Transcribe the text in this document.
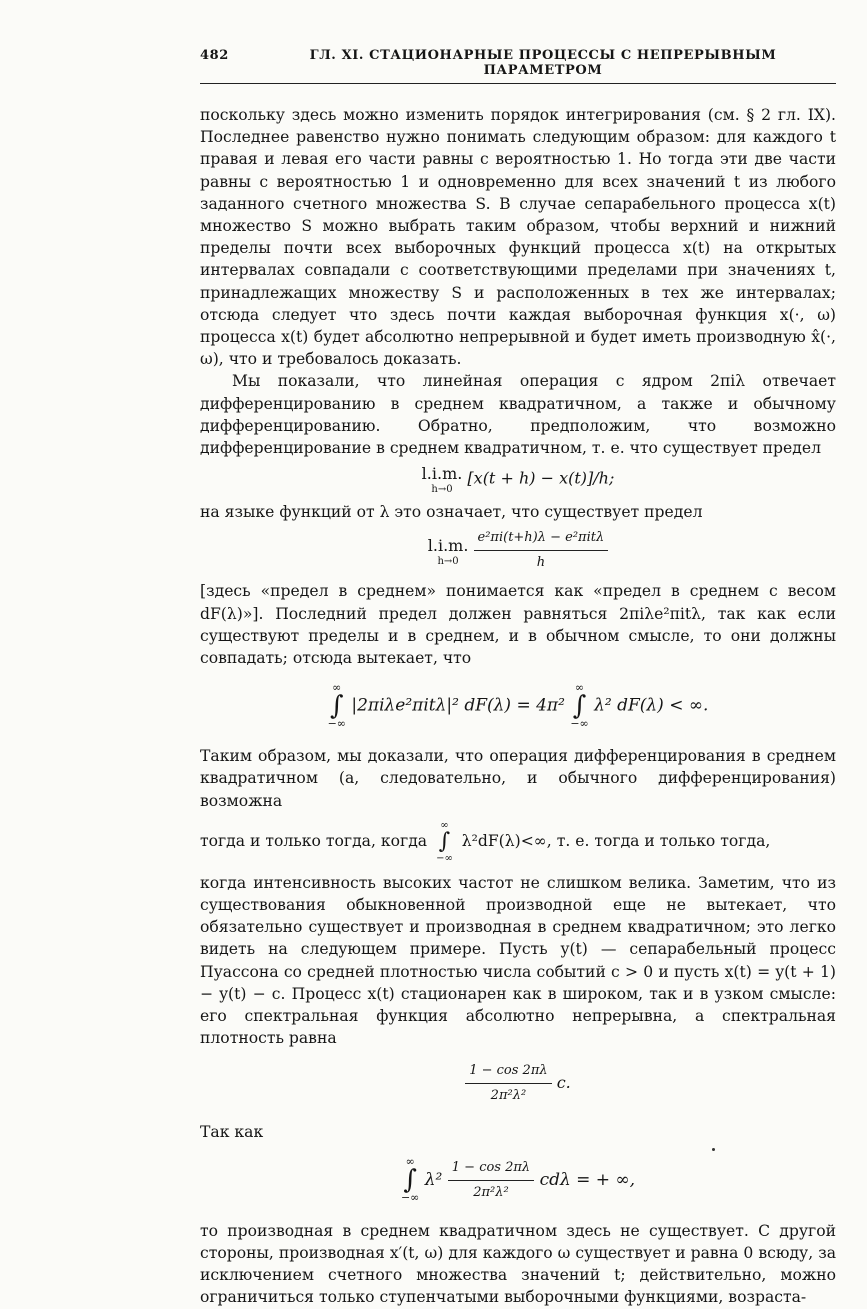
482	ГЛ. XI. СТАЦИОНАРНЫЕ ПРОЦЕССЫ С НЕПРЕРЫВНЫМ ПАРАМЕТРОМ

поскольку здесь можно изменить порядок интегрирования (см. § 2 гл. IX). Последнее равенство нужно понимать следующим образом: для каждого t правая и левая его части равны с вероятностью 1. Но тогда эти две части равны с вероятностью 1 и одновременно для всех значений t из любого заданного счетного множества S. В случае сепарабельного процесса x(t) множество S можно выбрать таким образом, чтобы верхний и нижний пределы почти всех выборочных функций процесса x(t) на открытых интервалах совпадали с соответствующими пределами при значениях t, принадлежащих множеству S и расположенных в тех же интервалах; отсюда следует что здесь почти каждая выборочная функция x(·, ω) процесса x(t) будет абсолютно непрерывной и будет иметь производную x̂(·, ω), что и требовалось доказать.

Мы показали, что линейная операция с ядром 2πiλ отвечает дифференцированию в среднем квадратичном, а также и обычному дифференцированию. Обратно, предположим, что возможно дифференцирование в среднем квадратичном, т. е. что существует предел

l.i.m.
h→0
[x(t + h) − x(t)]/h;

на языке функций от λ это означает, что существует предел

l.i.m.
h→0
	$\frac{\text{e²πi(t+h)λ − e²πitλ}}{h}$

[здесь «предел в среднем» понимается как «предел в среднем с весом dF(λ)»]. Последний предел должен равняться 2πiλe²πitλ, так как если существуют пределы и в среднем, и в обычном смысле, то они должны совпадать; отсюда вытекает, что

∞
∫
−∞
|2πiλe²πitλ|² dF(λ) = 4π²
∞
∫
−∞
λ² dF(λ) < ∞.

Таким образом, мы доказали, что операция дифференцирования в среднем квадратичном (а, следовательно, и обычного дифференцирования) возможна

тогда и только тогда, когда
∞
∫
−∞
λ²dF(λ)<∞, т. е. тогда и только тогда,

когда интенсивность высоких частот не слишком велика. Заметим, что из существования обыкновенной производной еще не вытекает, что обязательно существует и производная в среднем квадратичном; это легко видеть на следующем примере. Пусть y(t) — сепарабельный процесс Пуассона со средней плотностью числа событий c > 0 и пусть x(t) = y(t + 1) − y(t) − c. Процесс x(t) стационарен как в широком, так и в узком смысле: его спектральная функция абсолютно непрерывна, а спектральная плотность равна

$\frac{1 - \cos 2\pi\lambda}{\text{2π²λ²}} c$.

Так как

∞
∫
−∞
$\lambda^2 \frac{1 - \cos 2\pi\lambda}{\text{2π²λ²}}$ cdλ = + ∞,

то производная в среднем квадратичном здесь не существует. С другой стороны, производная x′(t, ω) для каждого ω существует и равна 0 всюду, за исключением счетного множества значений t; действительно, можно ограничиться только ступенчатыми выборочными функциями, возраста-
